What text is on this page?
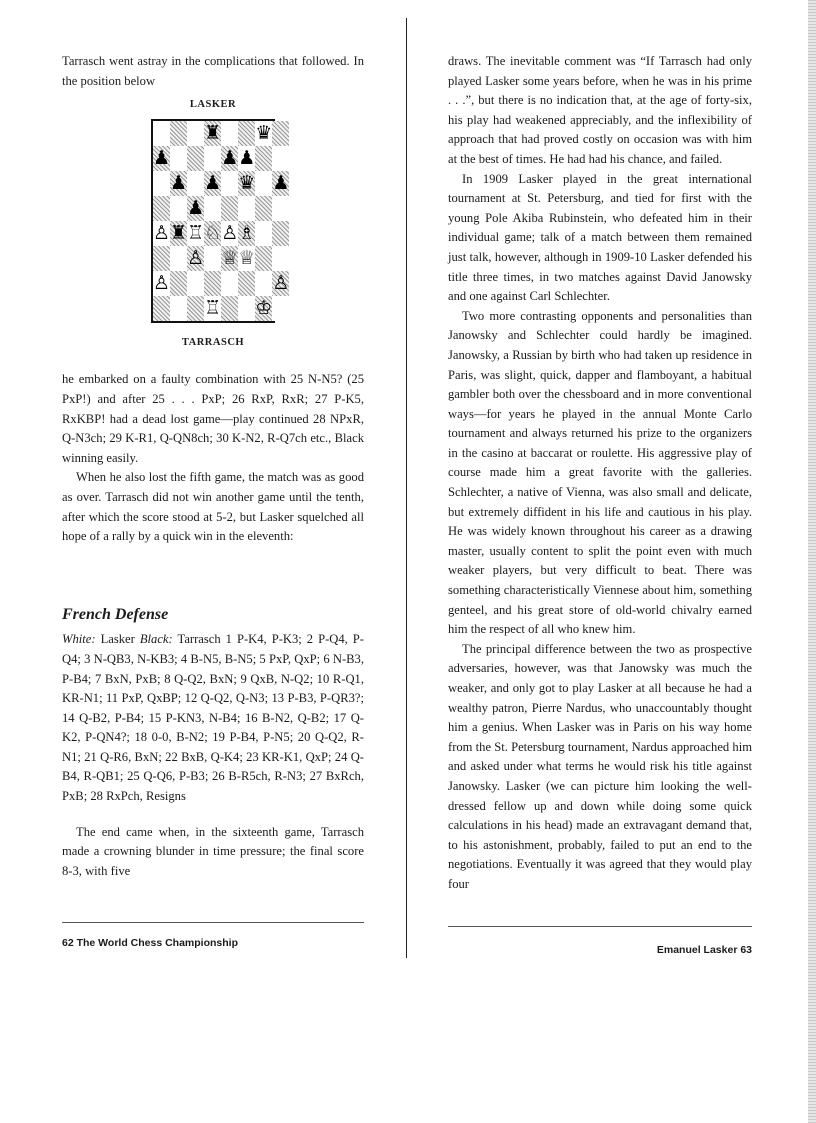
Tarrasch went astray in the complications that followed. In the position below

LASKER
♜ ♛
♟	♟ ♟
♟ ♟ ♛ ♟
♟
♙ ♜ ♖ ♘ ♙ ♗
♙ ♕ ♕
♙	♙
♖ ♔
TARRASCH

he embarked on a faulty combination with 25 N-N5? (25 PxP!) and after 25 . . . PxP; 26 RxP, RxR; 27 P-K5, RxKBP! had a dead lost game—play continued 28 NPxR, Q-N3ch; 29 K-R1, Q-QN8ch; 30 K-N2, R-Q7ch etc., Black winning easily.

When he also lost the fifth game, the match was as good as over. Tarrasch did not win another game until the tenth, after which the score stood at 5-2, but Lasker squelched all hope of a rally by a quick win in the eleventh:

French Defense

White: Lasker Black: Tarrasch 1 P-K4, P-K3; 2 P-Q4, P-Q4; 3 N-QB3, N-KB3; 4 B-N5, B-N5; 5 PxP, QxP; 6 N-B3, P-B4; 7 BxN, PxB; 8 Q-Q2, BxN; 9 QxB, N-Q2; 10 R-Q1, KR-N1; 11 PxP, QxBP; 12 Q-Q2, Q-N3; 13 P-B3, P-QR3?; 14 Q-B2, P-B4; 15 P-KN3, N-B4; 16 B-N2, Q-B2; 17 Q-K2, P-QN4?; 18 0-0, B-N2; 19 P-B4, P-N5; 20 Q-Q2, R-N1; 21 Q-R6, BxN; 22 BxB, Q-K4; 23 KR-K1, QxP; 24 Q-B4, R-QB1; 25 Q-Q6, P-B3; 26 B-R5ch, R-N3; 27 BxRch, PxB; 28 RxPch, Resigns

The end came when, in the sixteenth game, Tarrasch made a crowning blunder in time pressure; the final score 8-3, with five

draws. The inevitable comment was “If Tarrasch had only played Lasker some years before, when he was in his prime . . .”, but there is no indication that, at the age of forty-six, his play had weakened appreciably, and the inflexibility of approach that had proved costly on occasion was with him at the best of times. He had had his chance, and failed.

In 1909 Lasker played in the great international tournament at St. Petersburg, and tied for first with the young Pole Akiba Rubinstein, who defeated him in their individual game; talk of a match between them remained just talk, however, although in 1909-10 Lasker defended his title three times, in two matches against David Janowsky and one against Carl Schlechter.

Two more contrasting opponents and personalities than Janowsky and Schlechter could hardly be imagined. Janowsky, a Russian by birth who had taken up residence in Paris, was slight, quick, dapper and flamboyant, a habitual gambler both over the chessboard and in more conventional ways—for years he played in the annual Monte Carlo tournament and always returned his prize to the organizers in the casino at baccarat or roulette. His aggressive play of course made him a great favorite with the galleries. Schlechter, a native of Vienna, was also small and delicate, but extremely diffident in his life and cautious in his play. He was widely known throughout his career as a drawing master, usually content to split the point even with much weaker players, but very difficult to beat. There was something characteristically Viennese about him, something genteel, and his great store of old-world chivalry earned him the respect of all who knew him.

The principal difference between the two as prospective adversaries, however, was that Janowsky was much the weaker, and only got to play Lasker at all because he had a wealthy patron, Pierre Nardus, who unaccountably thought him a genius. When Lasker was in Paris on his way home from the St. Petersburg tournament, Nardus approached him and asked under what terms he would risk his title against Janowsky. Lasker (we can picture him looking the well-dressed fellow up and down while doing some quick calculations in his head) made an extravagant demand that, to his astonishment, probably, failed to put an end to the negotiations. Eventually it was agreed that they would play four

62 The World Chess Championship
Emanuel Lasker 63
